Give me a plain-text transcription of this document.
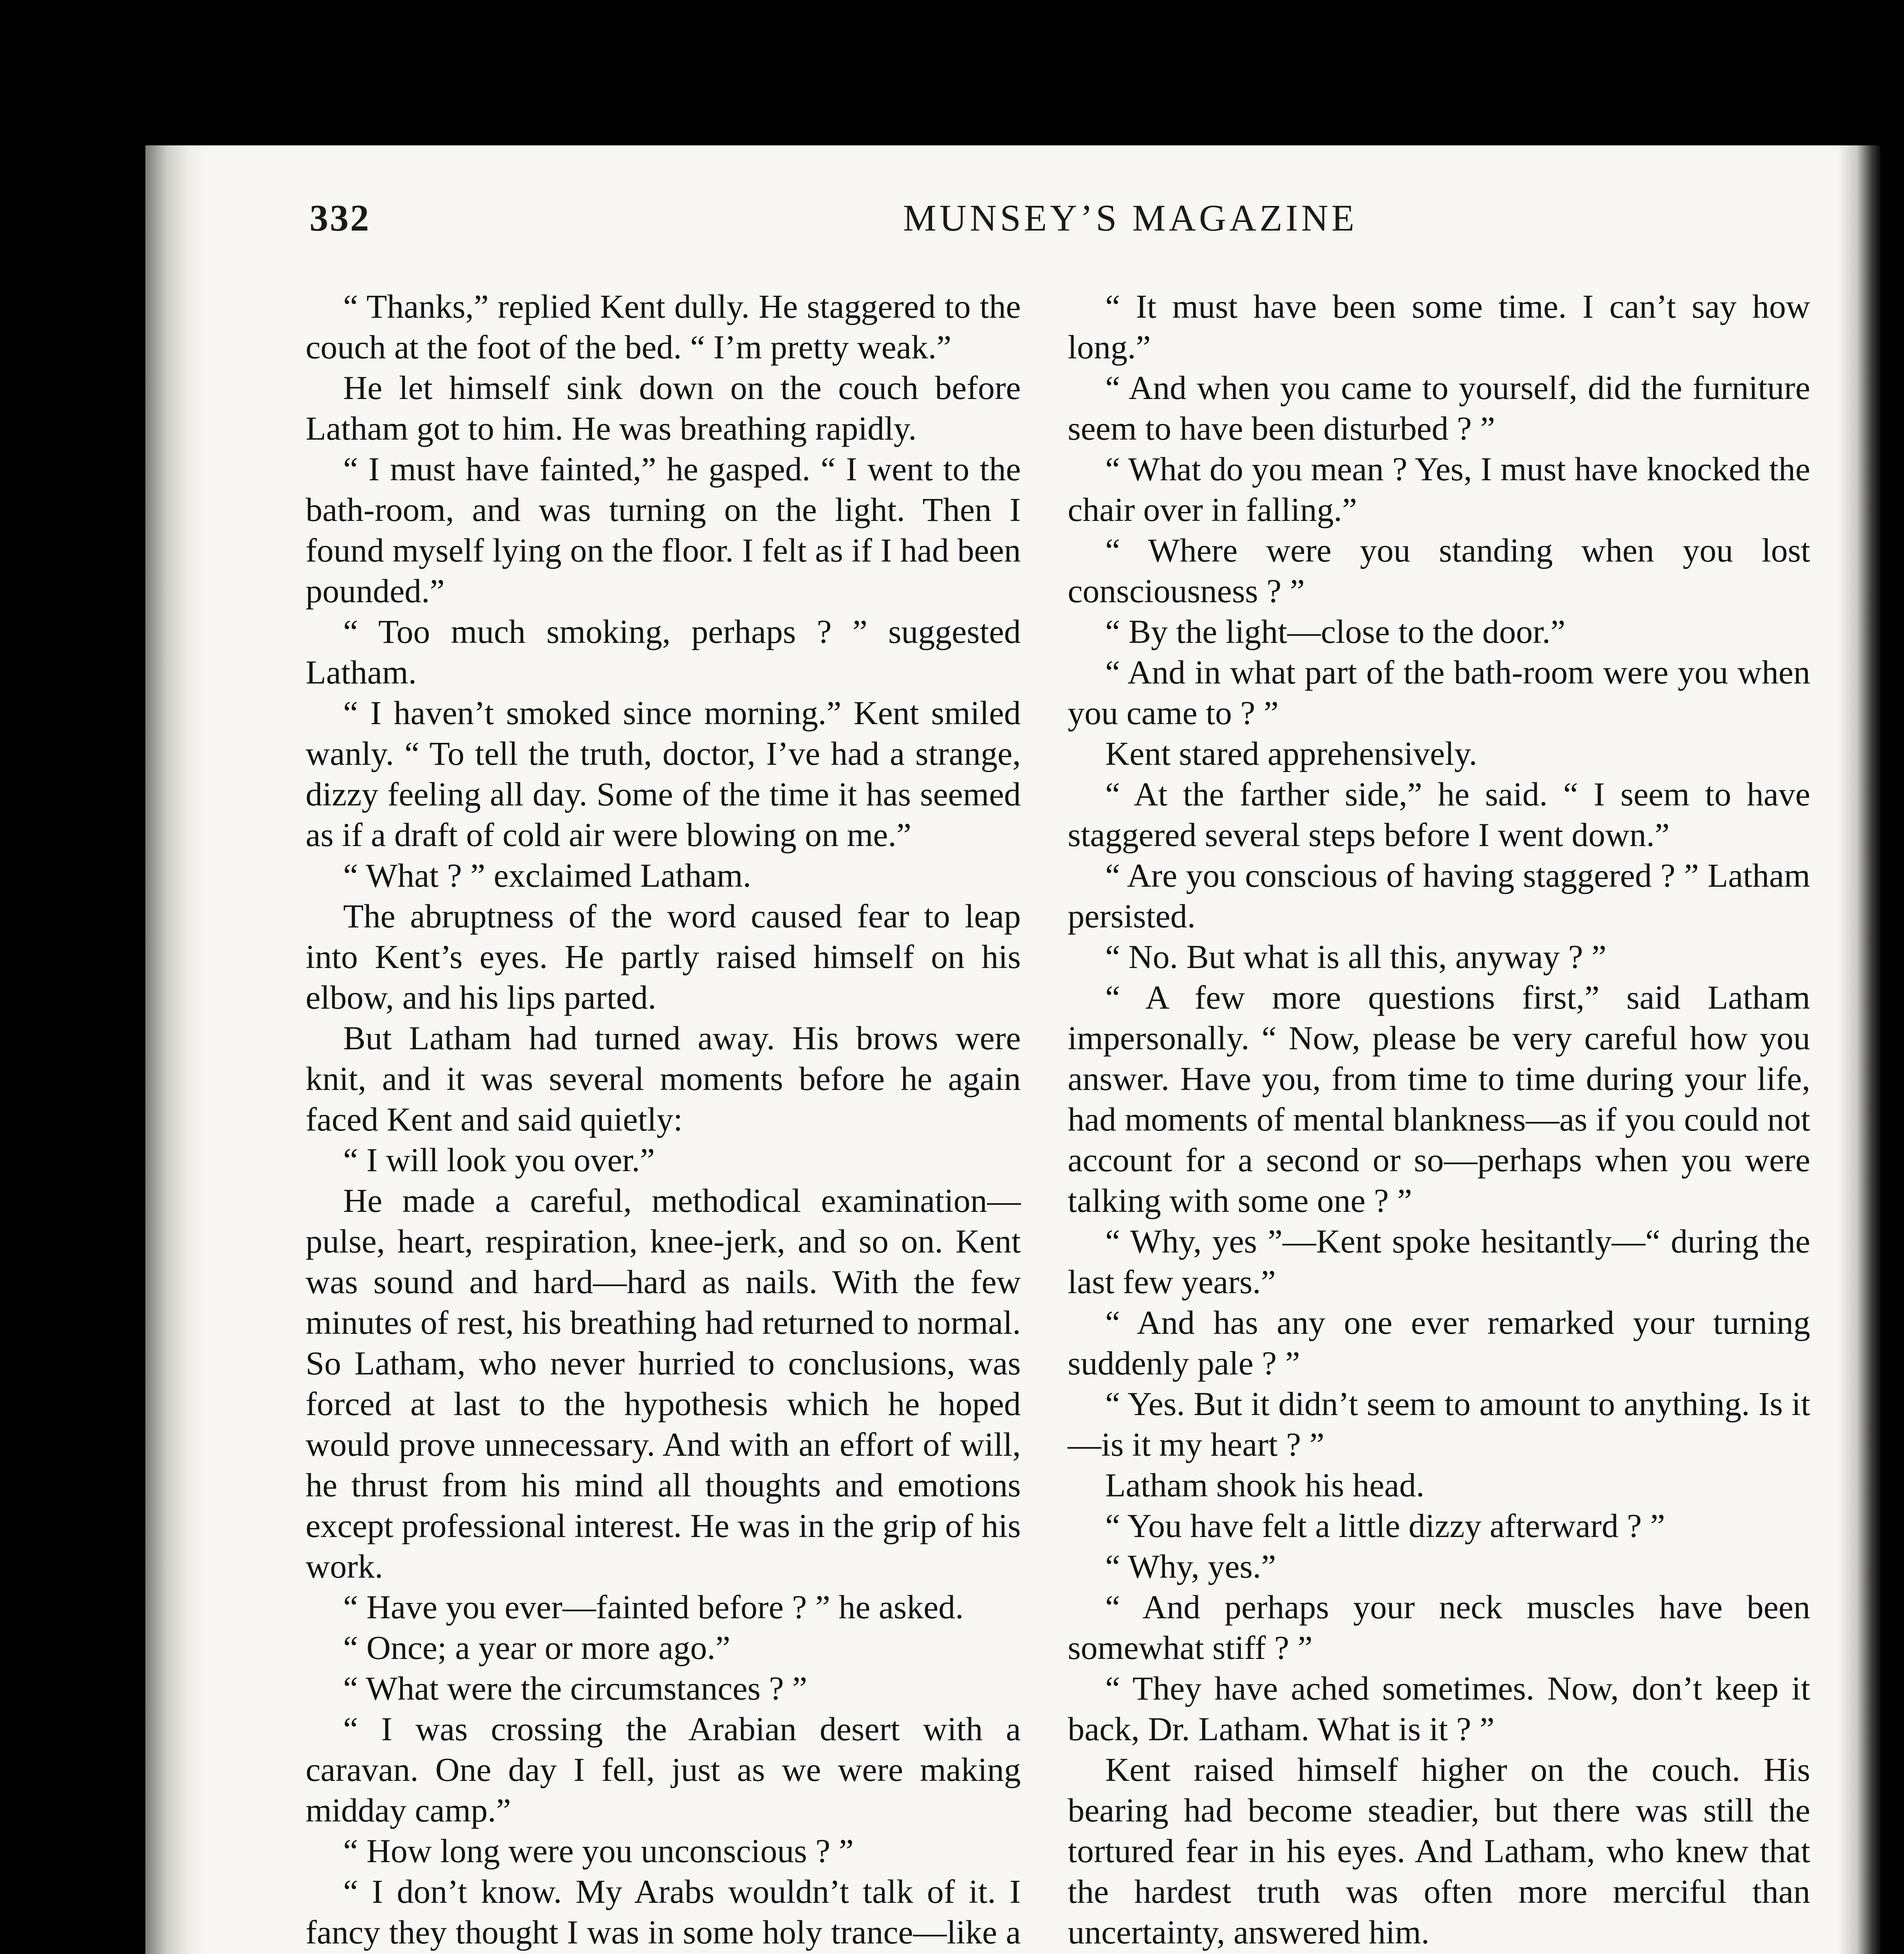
332	MUNSEY’S MAGAZINE

“ Thanks,” replied Kent dully. He staggered to the couch at the foot of the bed. “ I’m pretty weak.”

He let himself sink down on the couch before Latham got to him. He was breathing rapidly.

“ I must have fainted,” he gasped. “ I went to the bath-room, and was turning on the light. Then I found myself lying on the floor. I felt as if I had been pounded.”

“ Too much smoking, perhaps ? ” suggested Latham.

“ I haven’t smoked since morning.” Kent smiled wanly. “ To tell the truth, doctor, I’ve had a strange, dizzy feeling all day. Some of the time it has seemed as if a draft of cold air were blowing on me.”

“ What ? ” exclaimed Latham.

The abruptness of the word caused fear to leap into Kent’s eyes. He partly raised himself on his elbow, and his lips parted.

But Latham had turned away. His brows were knit, and it was several moments before he again faced Kent and said quietly:

“ I will look you over.”

He made a careful, methodical examination—pulse, heart, respiration, knee-jerk, and so on. Kent was sound and hard—hard as nails. With the few minutes of rest, his breathing had returned to normal. So Latham, who never hurried to conclusions, was forced at last to the hypothesis which he hoped would prove unnecessary. And with an effort of will, he thrust from his mind all thoughts and emotions except professional interest. He was in the grip of his work.

“ Have you ever—fainted before ? ” he asked.

“ Once; a year or more ago.”

“ What were the circumstances ? ”

“ I was crossing the Arabian desert with a caravan. One day I fell, just as we were making midday camp.”

“ How long were you unconscious ? ”

“ I don’t know. My Arabs wouldn’t talk of it. I fancy they thought I was in some holy trance—like a

“ It must have been some time. I can’t say how long.”

“ And when you came to yourself, did the furniture seem to have been disturbed ? ”

“ What do you mean ? Yes, I must have knocked the chair over in falling.”

“ Where were you standing when you lost consciousness ? ”

“ By the light—close to the door.”

“ And in what part of the bath-room were you when you came to ? ”

Kent stared apprehensively.

“ At the farther side,” he said. “ I seem to have staggered several steps before I went down.”

“ Are you conscious of having staggered ? ” Latham persisted.

“ No. But what is all this, anyway ? ”

“ A few more questions first,” said Latham impersonally. “ Now, please be very careful how you answer. Have you, from time to time during your life, had moments of mental blankness—as if you could not account for a second or so—perhaps when you were talking with some one ? ”

“ Why, yes ”—Kent spoke hesitantly—“ during the last few years.”

“ And has any one ever remarked your turning suddenly pale ? ”

“ Yes. But it didn’t seem to amount to anything. Is it—is it my heart ? ”

Latham shook his head.

“ You have felt a little dizzy afterward ? ”

“ Why, yes.”

“ And perhaps your neck muscles have been somewhat stiff ? ”

“ They have ached sometimes. Now, don’t keep it back, Dr. Latham. What is it ? ”

Kent raised himself higher on the couch. His bearing had become steadier, but there was still the tortured fear in his eyes. And Latham, who knew that the hardest truth was often more merciful than uncertainty, answered him.
